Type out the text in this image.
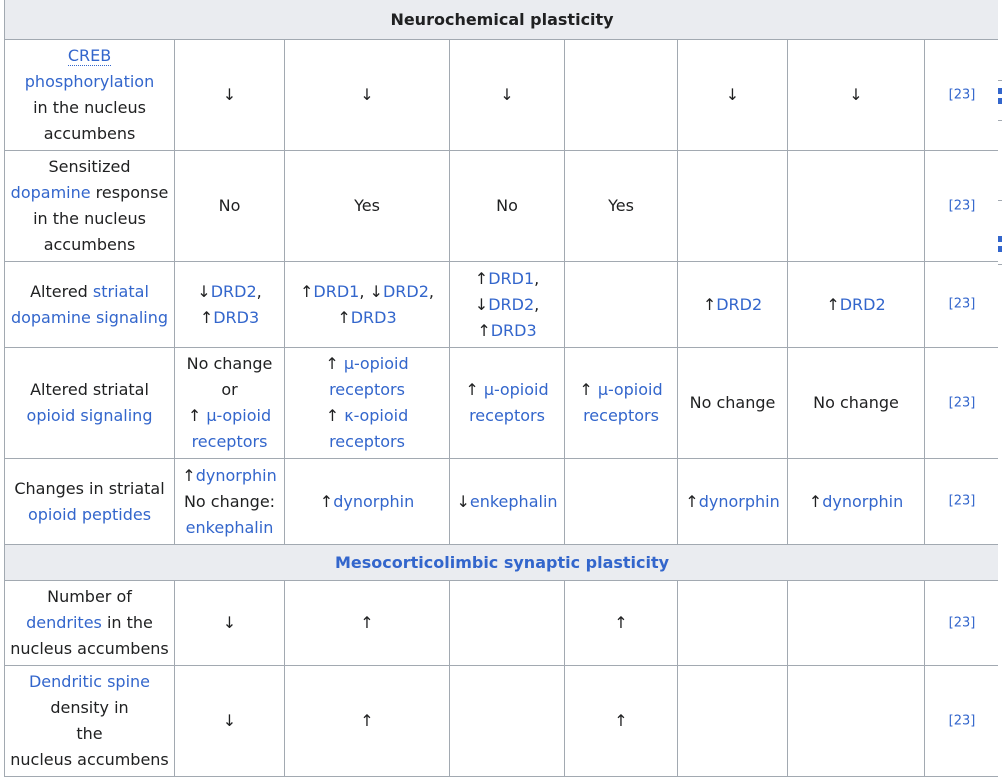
Neurochemical plasticity							
CREB
phosphorylation
in the nucleus accumbens	↓	↓	↓		↓	↓	[23]
Sensitized
dopamine response in the nucleus accumbens	No	Yes	No	Yes			[23]
Altered striatal dopamine signaling	↓DRD2,
↑DRD3	↑DRD1, ↓DRD2,
↑DRD3	↑DRD1,
↓DRD2,
↑DRD3		↑DRD2	↑DRD2	[23]
Altered striatal
opioid signaling	No change
or
↑ μ-opioid
receptors	↑ μ-opioid
receptors
↑ κ-opioid
receptors	↑ μ-opioid
receptors	↑ μ-opioid
receptors	No change	No change	[23]
Changes in striatal
opioid peptides	↑dynorphin
No change:
enkephalin	↑dynorphin	↓enkephalin		↑dynorphin	↑dynorphin	[23]
Mesocorticolimbic synaptic plasticity							
Number of
dendrites in the nucleus accumbens	↓	↑		↑			[23]
Dendritic spine
density in
the
nucleus accumbens	↓	↑		↑			[23]
